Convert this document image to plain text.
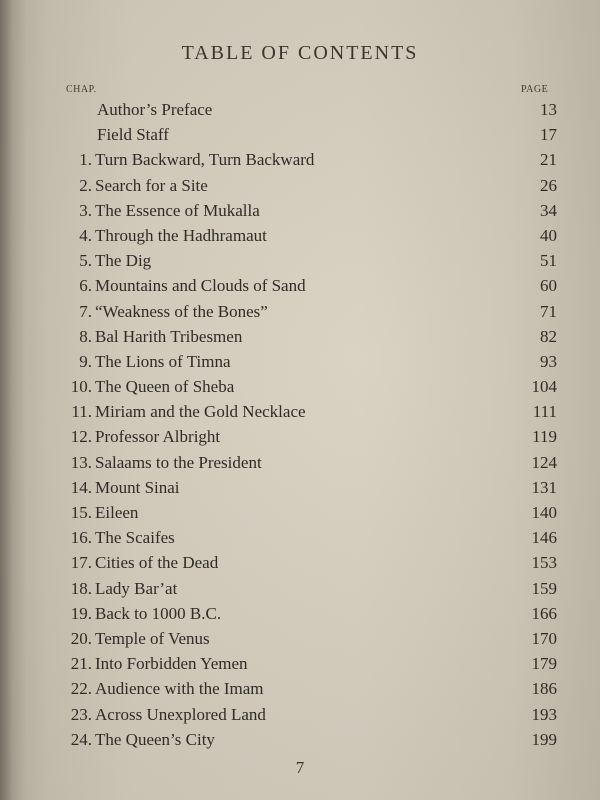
TABLE OF CONTENTS
CHAP.	PAGE
Author’s Preface	13
Field Staff	17
1. Turn Backward, Turn Backward	21
2. Search for a Site	26
3. The Essence of Mukalla	34
4. Through the Hadhramaut	40
5. The Dig	51
6. Mountains and Clouds of Sand	60
7. “Weakness of the Bones”	71
8. Bal Harith Tribesmen	82
9. The Lions of Timna	93
10. The Queen of Sheba	104
11. Miriam and the Gold Necklace	111
12. Professor Albright	119
13. Salaams to the President	124
14. Mount Sinai	131
15. Eileen	140
16. The Scaifes	146
17. Cities of the Dead	153
18. Lady Bar’at	159
19. Back to 1000 B.C.	166
20. Temple of Venus	170
21. Into Forbidden Yemen	179
22. Audience with the Imam	186
23. Across Unexplored Land	193
24. The Queen’s City	199
7
